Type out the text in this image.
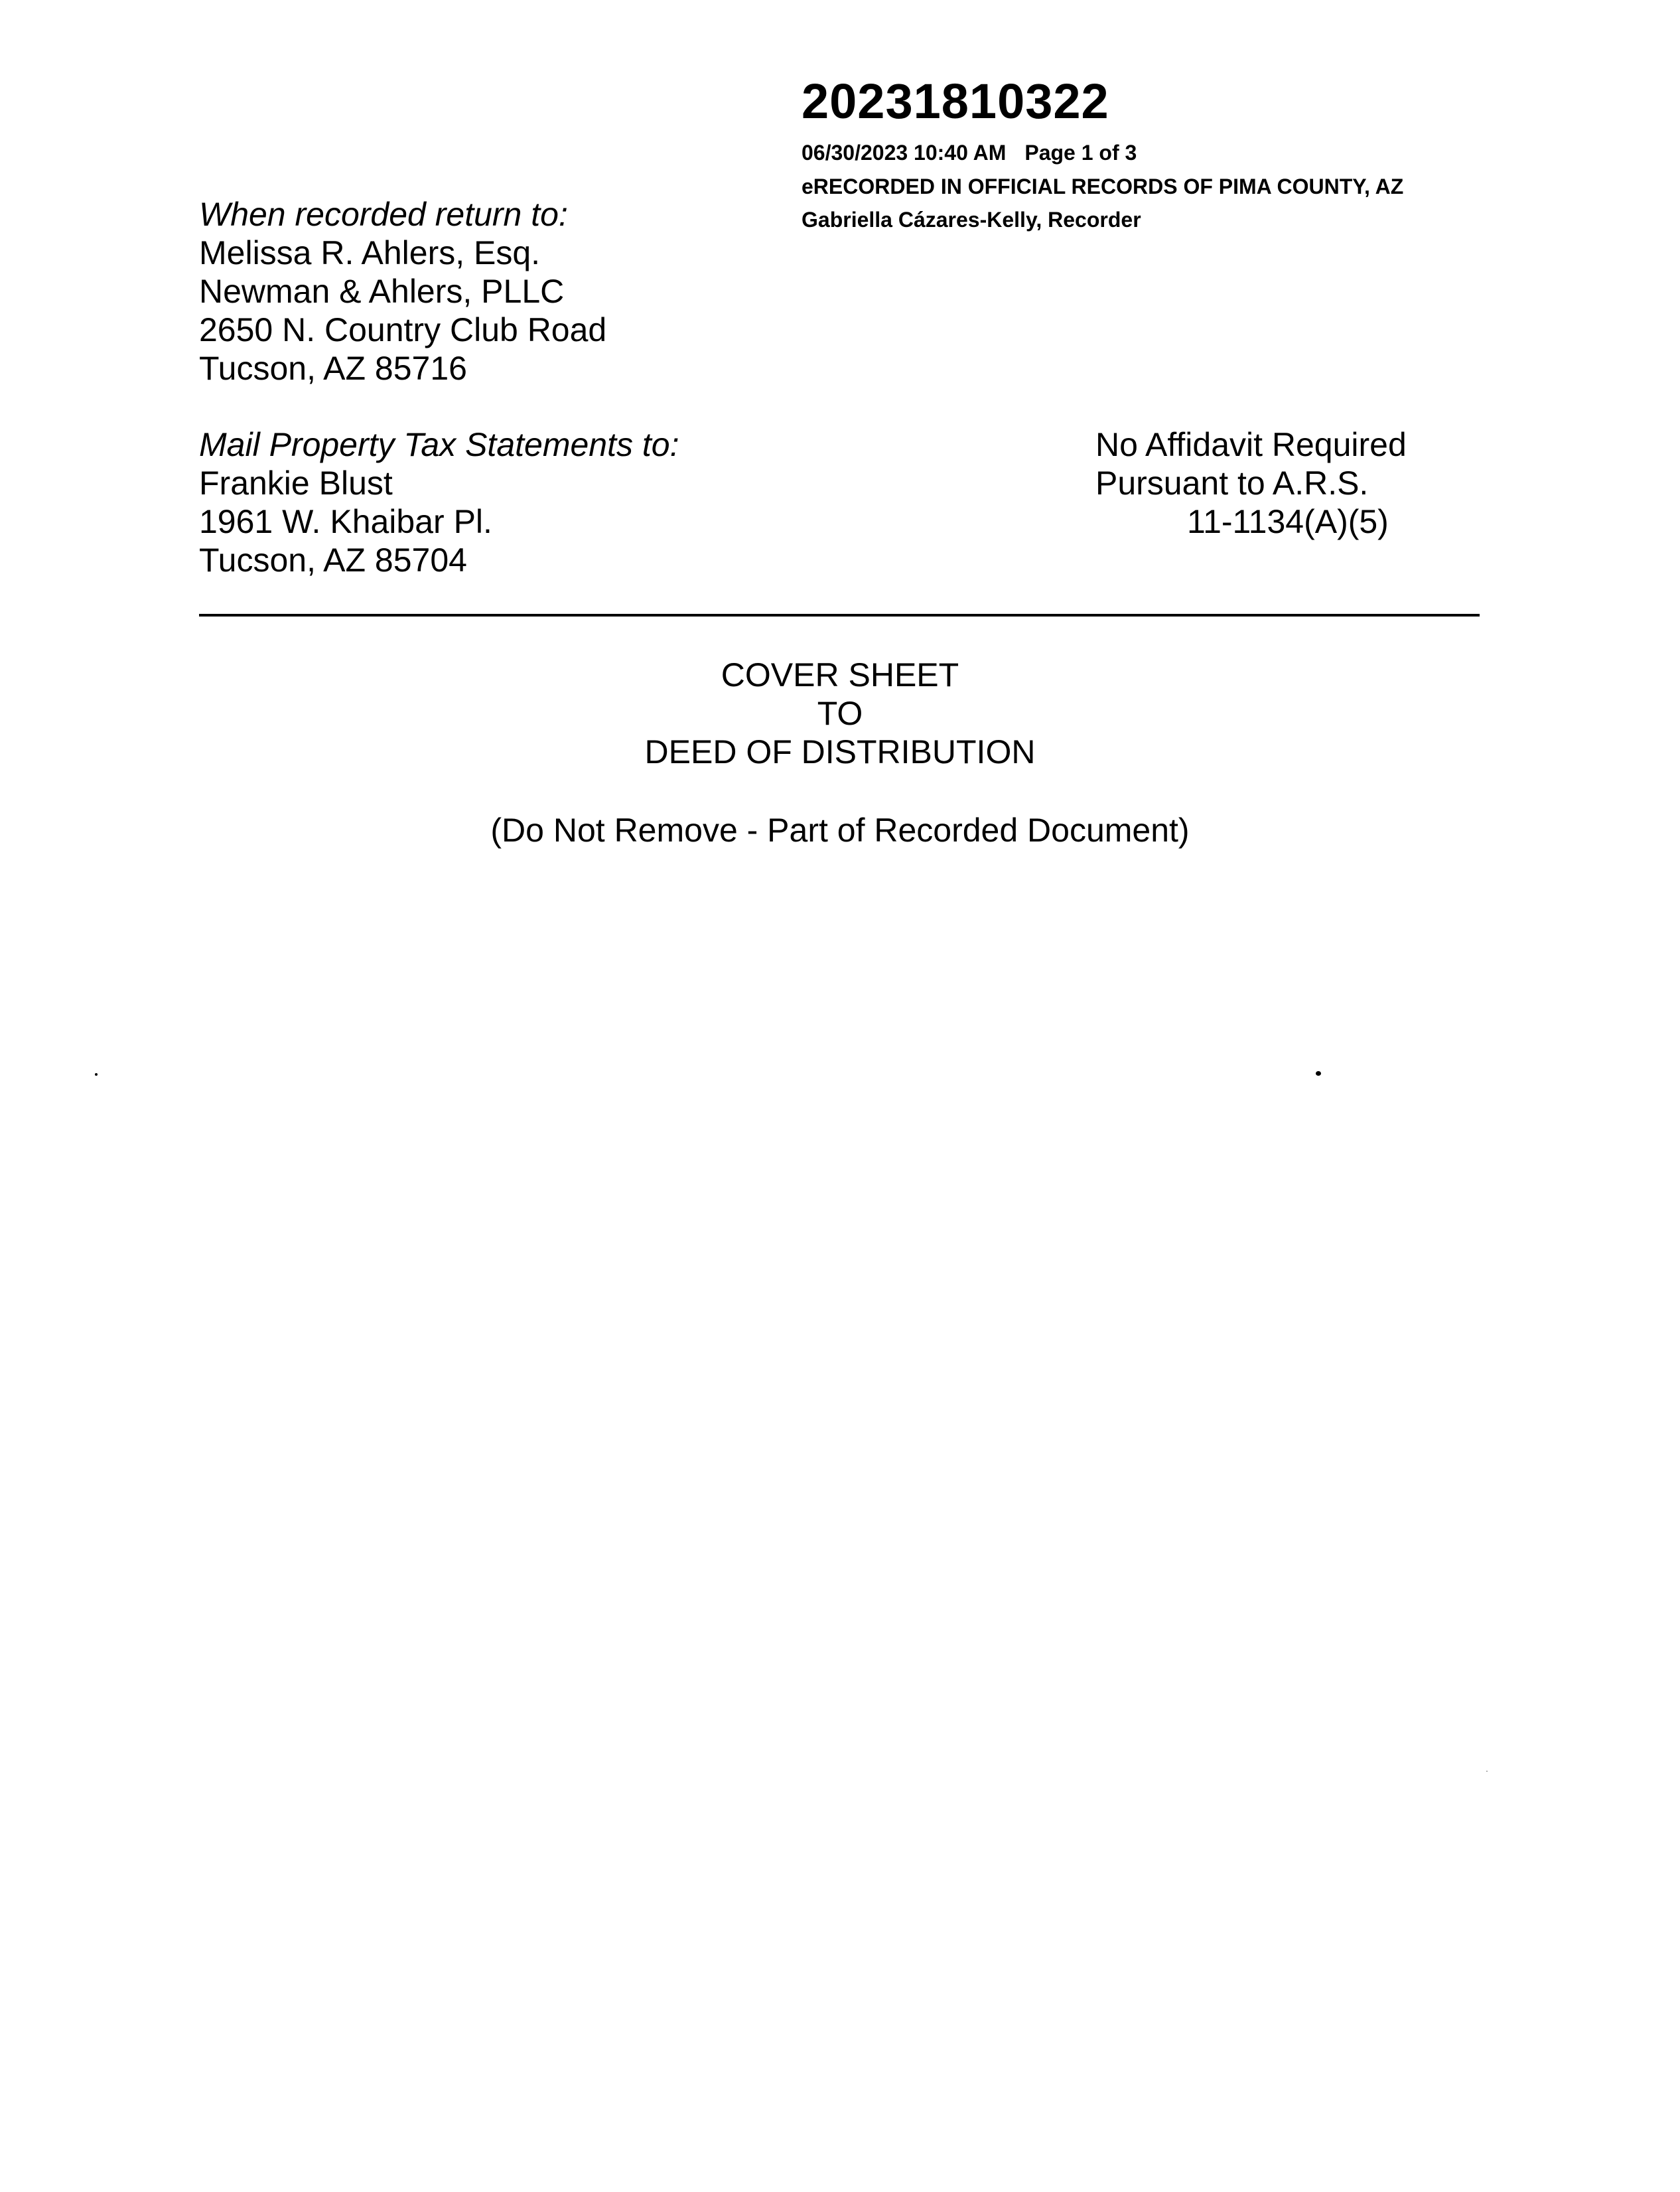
20231810322
06/30/2023 10:40 AM Page 1 of 3
eRECORDED IN OFFICIAL RECORDS OF PIMA COUNTY, AZ
Gabriella Cázares-Kelly, Recorder
When recorded return to:
Melissa R. Ahlers, Esq.
Newman & Ahlers, PLLC
2650 N. Country Club Road
Tucson, AZ 85716
Mail Property Tax Statements to:
Frankie Blust
1961 W. Khaibar Pl.
Tucson, AZ 85704
No Affidavit Required
Pursuant to A.R.S.
11-1134(A)(5)
COVER SHEET
TO
DEED OF DISTRIBUTION
(Do Not Remove - Part of Recorded Document)
